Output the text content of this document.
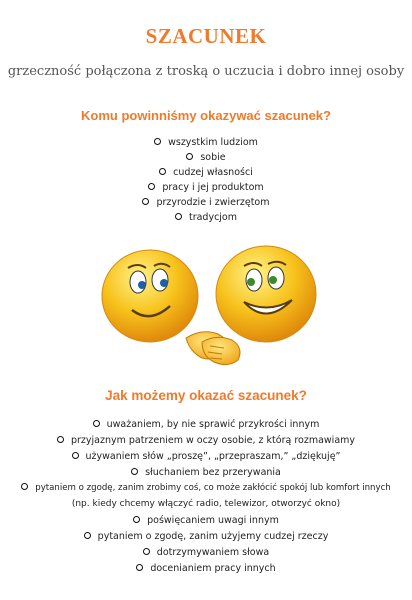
SZACUNEK
grzeczność połączona z troską o uczucia i dobro innej osoby
Komu powinniśmy okazywać szacunek?
wszystkim ludziom
sobie
cudzej własności
pracy i jej produktom
przyrodzie i zwierzętom
tradycjom
Jak możemy okazać szacunek?
uważaniem, by nie sprawić przykrości innym
przyjaznym patrzeniem w oczy osobie, z którą rozmawiamy
używaniem słów „proszę”, „przepraszam,” „dziękuję”
słuchaniem bez przerywania
pytaniem o zgodę, zanim zrobimy coś, co może zakłócić spokój lub komfort innych
(np. kiedy chcemy włączyć radio, telewizor, otworzyć okno)
poświęcaniem uwagi innym
pytaniem o zgodę, zanim użyjemy cudzej rzeczy
dotrzymywaniem słowa
docenianiem pracy innych
